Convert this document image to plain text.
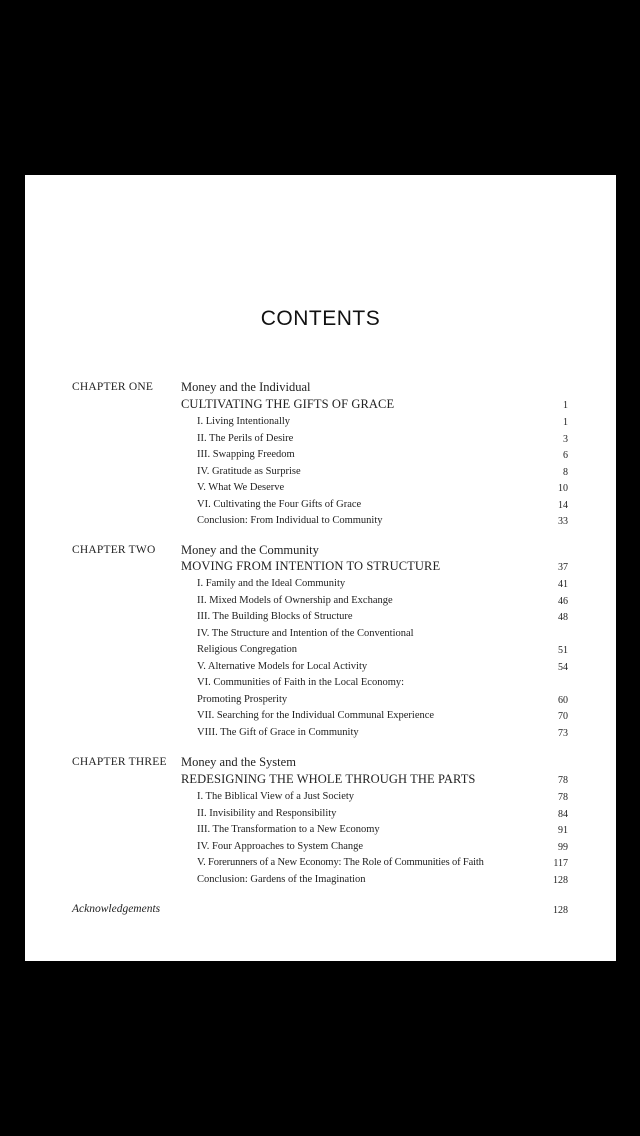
CONTENTS
CHAPTER ONE Money and the Individual
CULTIVATING THE GIFTS OF GRACE	1
I. Living Intentionally	1
II. The Perils of Desire	3
III. Swapping Freedom	6
IV. Gratitude as Surprise	8
V. What We Deserve	10
VI. Cultivating the Four Gifts of Grace	14
Conclusion: From Individual to Community	33
CHAPTER TWO Money and the Community
MOVING FROM INTENTION TO STRUCTURE	37
I. Family and the Ideal Community	41
II. Mixed Models of Ownership and Exchange	46
III. The Building Blocks of Structure	48
IV. The Structure and Intention of the Conventional
Religious Congregation	51
V. Alternative Models for Local Activity	54
VI. Communities of Faith in the Local Economy:
Promoting Prosperity	60
VII. Searching for the Individual Communal Experience	70
VIII. The Gift of Grace in Community	73
CHAPTER THREE Money and the System
REDESIGNING THE WHOLE THROUGH THE PARTS	78
I. The Biblical View of a Just Society	78
II. Invisibility and Responsibility	84
III. The Transformation to a New Economy	91
IV. Four Approaches to System Change	99
V. Forerunners of a New Economy: The Role of Communities of Faith	117
Conclusion: Gardens of the Imagination	128
Acknowledgements	128
